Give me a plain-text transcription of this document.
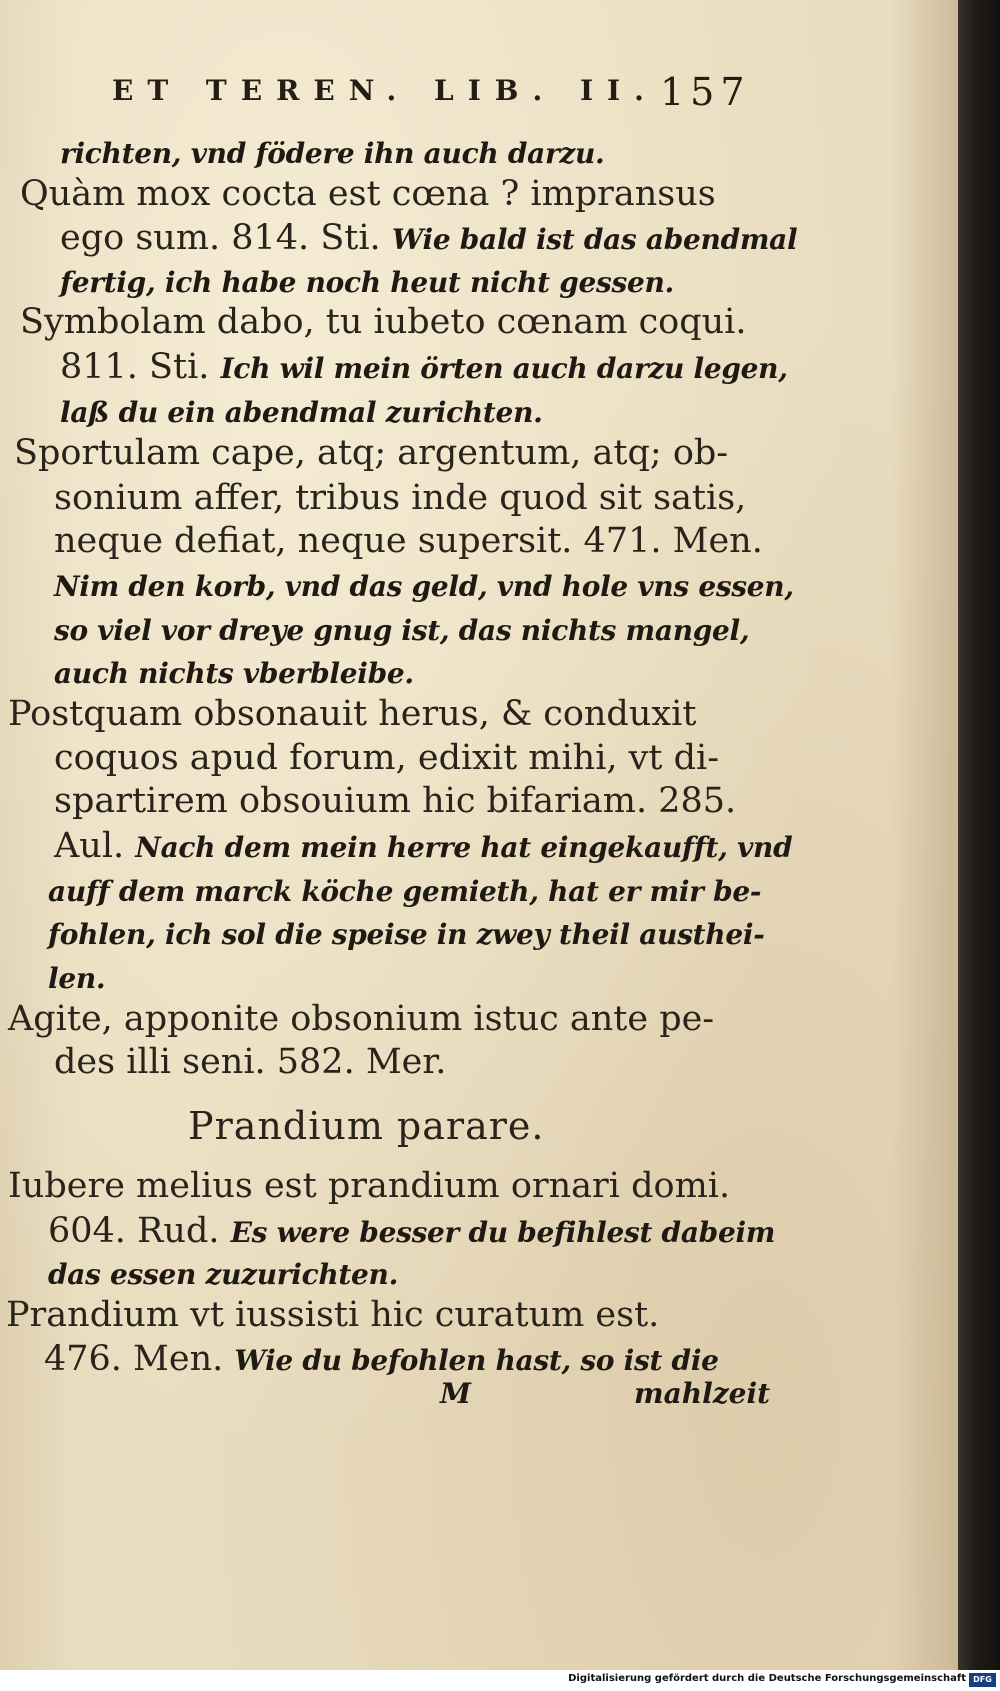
ET TEREN. LIB. II. 157
richten, vnd födere ihn auch darzu.
Quàm mox cocta est cœna ? impransus
ego sum. 814. Sti. Wie bald ist das abendmal
fertig, ich habe noch heut nicht gessen.
Symbolam dabo, tu iubeto cœnam coqui.
811. Sti. Ich wil mein örten auch darzu legen,
laß du ein abendmal zurichten.
Sportulam cape, atq; argentum, atq; ob-
sonium affer, tribus inde quod sit satis,
neque defiat, neque supersit. 471. Men.
Nim den korb, vnd das geld, vnd hole vns essen,
so viel vor dreye gnug ist, das nichts mangel,
auch nichts vberbleibe.
Postquam obsonauit herus, & conduxit
coquos apud forum, edixit mihi, vt di-
spartirem obsouium hic bifariam. 285.
Aul. Nach dem mein herre hat eingekaufft, vnd
auff dem marck köche gemieth, hat er mir be-
fohlen, ich sol die speise in zwey theil austhei-
len.
Agite, apponite obsonium istuc ante pe-
des illi seni. 582. Mer.
Iubere melius est prandium ornari domi.
604. Rud. Es were besser du befihlest dabeim
das essen zuzurichten.
Prandium vt iussisti hic curatum est.
476. Men. Wie du befohlen hast, so ist die
Prandium parare.
M	mahlzeit
Digitalisierung gefördert durch die Deutsche Forschungsgemeinschaft DFG
